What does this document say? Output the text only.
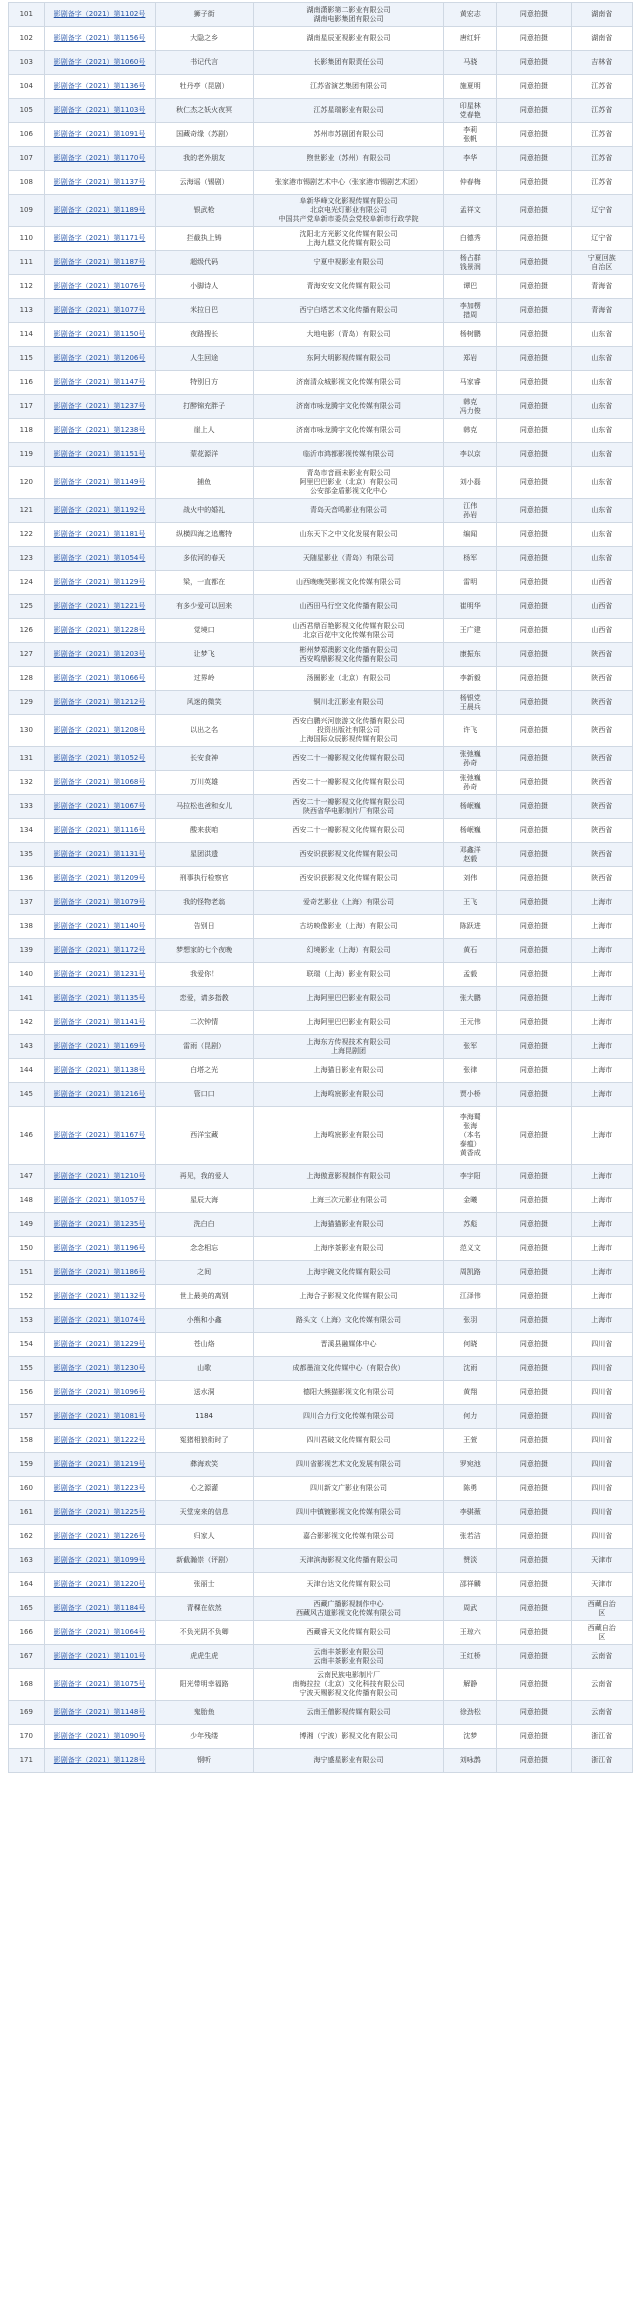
101	影剧备字（2021）第1102号	狮子街	湖南潇影第二影业有限公司
湖南电影集团有限公司	黄宏志	同意拍摄	湖南省
102	影剧备字（2021）第1156号	大隐之乡	湖南星辰亚视影业有限公司	唐红轩	同意拍摄	湖南省
103	影剧备字（2021）第1060号	书记代言	长影集团有限责任公司	马骁	同意拍摄	吉林省
104	影剧备字（2021）第1136号	牡丹亭（昆剧）	江苏省演艺集团有限公司	施夏明	同意拍摄	江苏省
105	影剧备字（2021）第1103号	秋仁杰之妖火夜冥	江苏星瑞影业有限公司	印星林
党春艳	同意拍摄	江苏省
106	影剧备字（2021）第1091号	国藏奇缘（苏剧）	苏州市苏剧团有限公司	李莉
张帆	同意拍摄	江苏省
107	影剧备字（2021）第1170号	我的老外朋友	煦世影业（苏州）有限公司	李华	同意拍摄	江苏省
108	影剧备字（2021）第1137号	云海谣（锡剧）	张家港市锡剧艺术中心（张家港市锡剧艺术团）	仲春梅	同意拍摄	江苏省
109	影剧备字（2021）第1189号	银武枪	阜新华峰文化影视传媒有限公司
北京电光灯影业有限公司
中国共产党阜新市委员会党校阜新市行政学院	孟祥文	同意拍摄	辽宁省
110	影剧备字（2021）第1171号	拦截执上铸	沈阳北方光影文化传媒有限公司
上海九糕文化传媒有限公司	白德秀	同意拍摄	辽宁省
111	影剧备字（2021）第1187号	超级代码	宁夏中视影业有限公司	杨占群
钱景润	同意拍摄	宁夏回族
自治区
112	影剧备字（2021）第1076号	小脚诗人	青海安安文化传媒有限公司	谭巴	同意拍摄	青海省
113	影剧备字（2021）第1077号	米拉日巴	西宁白塔艺术文化传播有限公司	李加楞
措周	同意拍摄	青海省
114	影剧备字（2021）第1150号	夜路搜长	大地电影（青岛）有限公司	杨树鹏	同意拍摄	山东省
115	影剧备字（2021）第1206号	人生回途	东阿大明影视传媒有限公司	郑岩	同意拍摄	山东省
116	影剧备字（2021）第1147号	特别日方	济南清众城影视文化传媒有限公司	马家睿	同意拍摄	山东省
117	影剧备字（2021）第1237号	打醉锦充胖子	济南市咏龙腾宇文化传媒有限公司	韩克
冯力俊	同意拍摄	山东省
118	影剧备字（2021）第1238号	崖上人	济南市咏龙腾宇文化传媒有限公司	韩克	同意拍摄	山东省
119	影剧备字（2021）第1151号	蒙花源洋	临沂市鸿都影视传媒有限公司	李以京	同意拍摄	山东省
120	影剧备字（2021）第1149号	捕鱼	青岛市音画未影业有限公司
阿里巴巴影业（北京）有限公司
公安部金盾影视文化中心	刘小磊	同意拍摄	山东省
121	影剧备字（2021）第1192号	战火中的婚礼	青岛天音鸣影业有限公司	江伟
孙岩	同意拍摄	山东省
122	影剧备字（2021）第1181号	纵横四海之追鹰特	山东天下之中文化发展有限公司	编闻	同意拍摄	山东省
123	影剧备字（2021）第1054号	多依河的春天	天随星影业（青岛）有限公司	杨军	同意拍摄	山东省
124	影剧备字（2021）第1129号	梁，一直都在	山西晚晚哭影视文化传媒有限公司	雷明	同意拍摄	山西省
125	影剧备字（2021）第1221号	有多少爱可以回来	山西田马行空文化传播有限公司	崔明华	同意拍摄	山西省
126	影剧备字（2021）第1228号	觉境口	山西君鼎百艳影视文化传媒有限公司
北京百花中文化传媒有限公司	王广建	同意拍摄	山西省
127	影剧备字（2021）第1203号	让梦飞	彬州梦郑澳影文化传播有限公司
西安鸣鼎影视文化传播有限公司	康振东	同意拍摄	陕西省
128	影剧备字（2021）第1066号	过界岭	汤圈影业（北京）有限公司	李新毅	同意拍摄	陕西省
129	影剧备字（2021）第1212号	风迷的微笑	铜川北江影业有限公司	杨银党
王晨兵	同意拍摄	陕西省
130	影剧备字（2021）第1208号	以出之名	西安白鹏兴河旅游文化传播有限公司
投资出版社有限公司
上海国际众辰影视传媒有限公司	许飞	同意拍摄	陕西省
131	影剧备字（2021）第1052号	长安食神	西安二十一瓣影视文化传媒有限公司	张弛巍
孙奇	同意拍摄	陕西省
132	影剧备字（2021）第1068号	万川英雄	西安二十一瓣影视文化传媒有限公司	张弛巍
孙奇	同意拍摄	陕西省
133	影剧备字（2021）第1067号	马拉松也爸和女儿	西安二十一瓣影视文化传媒有限公司
陕西省华电影制片厂有限公司	杨岷巍	同意拍摄	陕西省
134	影剧备字（2021）第1116号	酸来获咱	西安二十一瓣影视文化传媒有限公司	杨岷巍	同意拍摄	陕西省
135	影剧备字（2021）第1131号	星团洪遗	西安识获影视文化传媒有限公司	邓鑫洋
赵毅	同意拍摄	陕西省
136	影剧备字（2021）第1209号	刑事执行检察官	西安识获影视文化传媒有限公司	刘伟	同意拍摄	陕西省
137	影剧备字（2021）第1079号	我的怪物老翁	爱奇艺影业（上海）有限公司	王飞	同意拍摄	上海市
138	影剧备字（2021）第1140号	告别日	古坊映像影业（上海）有限公司	陈跃进	同意拍摄	上海市
139	影剧备字（2021）第1172号	梦想家的七个夜晚	幻境影业（上海）有限公司	黄石	同意拍摄	上海市
140	影剧备字（2021）第1231号	我爱你！	联瑞（上海）影业有限公司	孟毅	同意拍摄	上海市
141	影剧备字（2021）第1135号	恋爱，请多指教	上海阿里巴巴影业有限公司	张大鹏	同意拍摄	上海市
142	影剧备字（2021）第1141号	二次钟情	上海阿里巴巴影业有限公司	王元伟	同意拍摄	上海市
143	影剧备字（2021）第1169号	雷雨（昆剧）	上海东方传视技术有限公司
上海昆剧团	张军	同意拍摄	上海市
144	影剧备字（2021）第1138号	白塔之光	上海猫日影业有限公司	张律	同意拍摄	上海市
145	影剧备字（2021）第1216号	管口口	上海鸣宸影业有限公司	贾小桥	同意拍摄	上海市
146	影剧备字（2021）第1167号	西洋宝藏	上海鸣宸影业有限公司	李海蜀
张海
（本名
泰瘟）
黄香成	同意拍摄	上海市
147	影剧备字（2021）第1210号	再见，我的爱人	上海傲意影视制作有限公司	李宇阳	同意拍摄	上海市
148	影剧备字（2021）第1057号	星辰大海	上海三次元影业有限公司	金曦	同意拍摄	上海市
149	影剧备字（2021）第1235号	洗白白	上海猫猫影业有限公司	苏彪	同意拍摄	上海市
150	影剧备字（2021）第1196号	念念相忘	上海序茶影业有限公司	范义文	同意拍摄	上海市
151	影剧备字（2021）第1186号	之间	上海宇碗文化传媒有限公司	周凯路	同意拍摄	上海市
152	影剧备字（2021）第1132号	世上最美的离别	上海合子影视文化传媒有限公司	江泽伟	同意拍摄	上海市
153	影剧备字（2021）第1074号	小熊和小鑫	路头文（上海）文化传媒有限公司	张羽	同意拍摄	上海市
154	影剧备字（2021）第1229号	苍山烙	晋溪县融媒体中心	何晓	同意拍摄	四川省
155	影剧备字（2021）第1230号	山歌	成都墨渲文化传媒中心（有限合伙）	沈雨	同意拍摄	四川省
156	影剧备字（2021）第1096号	送水洞	德阳大熊猫影视文化有限公司	黄翔	同意拍摄	四川省
157	影剧备字（2021）第1081号	1184	四川合力行文化传媒有限公司	何力	同意拍摄	四川省
158	影剧备字（2021）第1222号	冤猪相狼衔时了	四川君破文化传媒有限公司	王萱	同意拍摄	四川省
159	影剧备字（2021）第1219号	彝海欢笑	四川省影视艺术文化发展有限公司	罗宛池	同意拍摄	四川省
160	影剧备字（2021）第1223号	心之源灌	四川新文广影业有限公司	陈勇	同意拍摄	四川省
161	影剧备字（2021）第1225号	天堂宠来的信息	四川中镇镀影视文化传媒有限公司	李骐薇	同意拍摄	四川省
162	影剧备字（2021）第1226号	归家人	嘉合影影视文化传媒有限公司	张若洁	同意拍摄	四川省
163	影剧备字（2021）第1099号	新截瀚崇（评剧）	天津滨海影视文化传播有限公司	赞淡	同意拍摄	天津市
164	影剧备字（2021）第1220号	张丽士	天津台达文化传媒有限公司	邵祥麟	同意拍摄	天津市
165	影剧备字（2021）第1184号	青稞在依然	西藏广播影视制作中心
西藏风古道影视文化传媒有限公司	周武	同意拍摄	西藏自治
区
166	影剧备字（2021）第1064号	不负光阴不负卿	西藏睿天文化传媒有限公司	王琼六	同意拍摄	西藏自治
区
167	影剧备字（2021）第1101号	虎虎生虎	云南丰茶影业有限公司
云南丰茶影业有限公司	王红桥	同意拍摄	云南省
168	影剧备字（2021）第1075号	阳光带明幸福路	云南民族电影制片厂
南梅拉拉（北京）文化科技有限公司
宁波天赐影视文化传播有限公司	解静	同意拍摄	云南省
169	影剧备字（2021）第1148号	鬼胎鱼	云南王僧影视传媒有限公司	徐劲松	同意拍摄	云南省
170	影剧备字（2021）第1090号	少年残缕	博湘（宁波）影视文化有限公司	沈梦	同意拍摄	浙江省
171	影剧备字（2021）第1128号	钢听	海宁盛星影业有限公司	刘咏鹊	同意拍摄	浙江省
